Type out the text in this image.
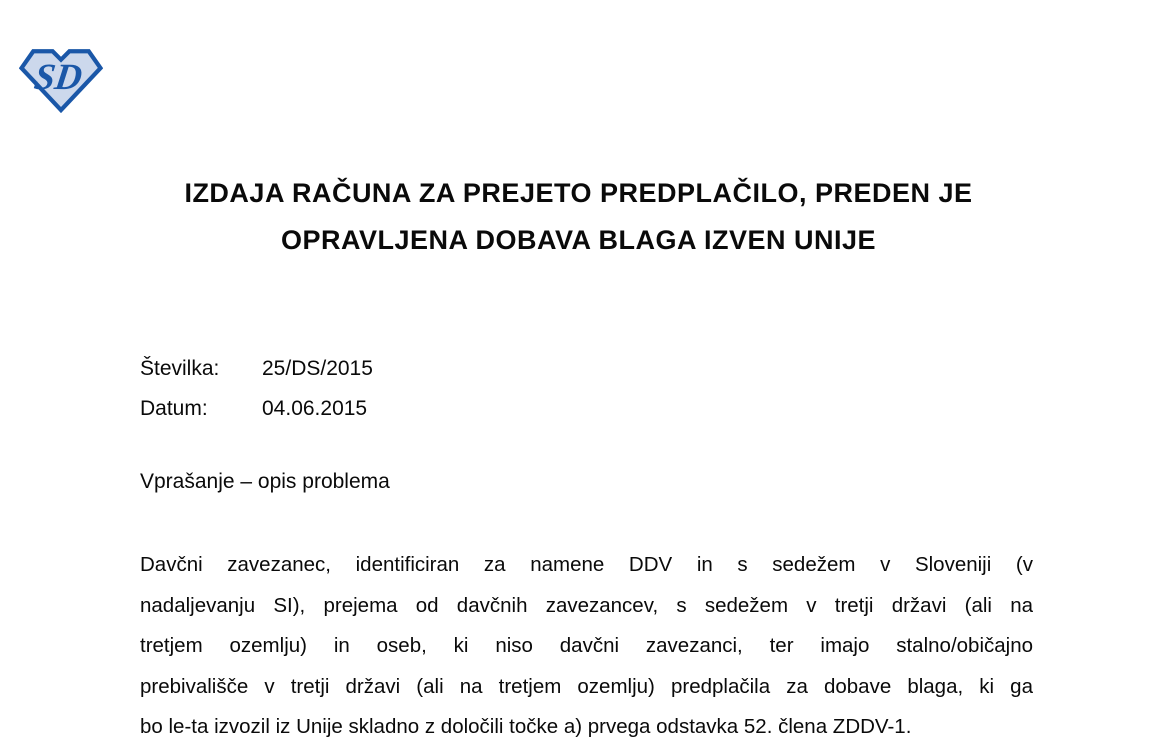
SD
IZDAJA RAČUNA ZA PREJETO PREDPLAČILO, PREDEN JE
OPRAVLJENA DOBAVA BLAGA IZVEN UNIJE
Številka:	25/DS/2015
Datum:	04.06.2015
Vprašanje – opis problema
Davčni zavezanec, identificiran za namene DDV in s sedežem v Sloveniji (v
nadaljevanju SI), prejema od davčnih zavezancev, s sedežem v tretji državi (ali na
tretjem ozemlju) in oseb, ki niso davčni zavezanci, ter imajo stalno/običajno
prebivališče v tretji državi (ali na tretjem ozemlju) predplačila za dobave blaga, ki ga
bo le-ta izvozil iz Unije skladno z določili točke a) prvega odstavka 52. člena ZDDV-1.
